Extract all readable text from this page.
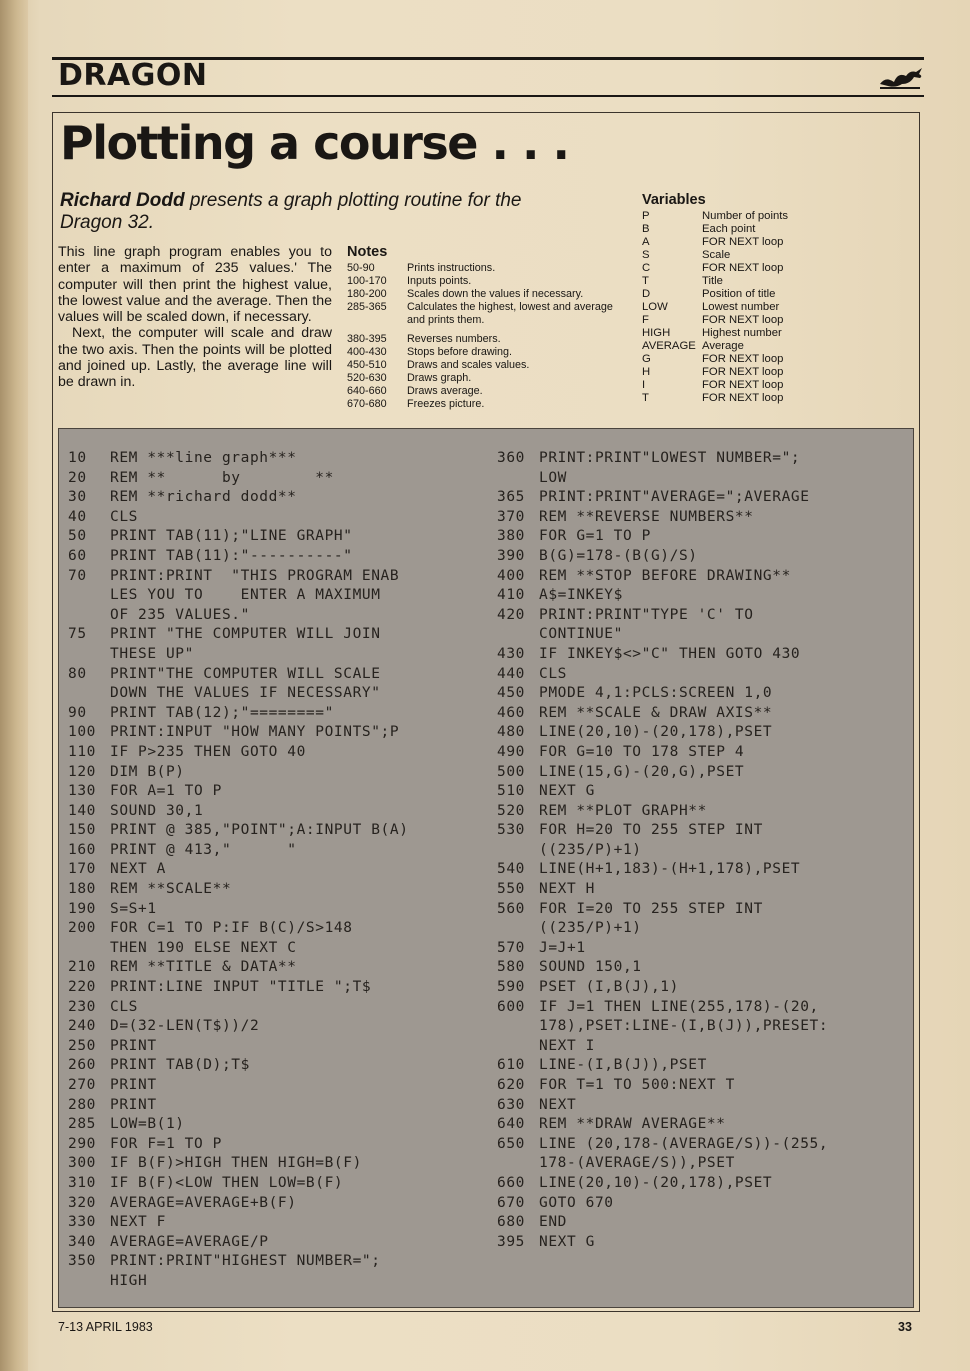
DRAGON
Plotting a course . . .
Richard Dodd presents a graph plotting routine for the Dragon 32.

This line graph program enables you to enter a maximum of 235 values.' The computer will then print the highest value, the lowest value and the average. Then the values will be scaled down, if necessary.

Next, the computer will scale and draw the two axis. Then the points will be plotted and joined up. Lastly, the average line will be drawn in.

Notes
50-90	Prints instructions.
100-170	Inputs points.
180-200	Scales down the values if necessary.
285-365	Calculates the highest, lowest and average and prints them.
380-395	Reverses numbers.
400-430	Stops before drawing.
450-510	Draws and scales values.
520-630	Draws graph.
640-660	Draws average.
670-680	Freezes picture.
Variables
P	Number of points
B	Each point
A	FOR NEXT loop
S	Scale
C	FOR NEXT loop
T	Title
D	Position of title
LOW	Lowest number
F	FOR NEXT loop
HIGH	Highest number
AVERAGE Average
G	FOR NEXT loop
H	FOR NEXT loop
I	FOR NEXT loop
T	FOR NEXT loop
10	REM ***line graph***
20	REM **      by        **
30	REM **richard dodd**
40	CLS
50	PRINT TAB(11);"LINE GRAPH"
60	PRINT TAB(11):"----------"
70	PRINT:PRINT  "THIS PROGRAM ENAB
LES YOU TO    ENTER A MAXIMUM
OF 235 VALUES."
75	PRINT "THE COMPUTER WILL JOIN
THESE UP"
80	PRINT"THE COMPUTER WILL SCALE
DOWN THE VALUES IF NECESSARY"
90	PRINT TAB(12);"========"
100 PRINT:INPUT "HOW MANY POINTS";P
110 IF P>235 THEN GOTO 40
120 DIM B(P)
130 FOR A=1 TO P
140 SOUND 30,1
150 PRINT @ 385,"POINT";A:INPUT B(A)
160 PRINT @ 413,"      "
170 NEXT A
180 REM **SCALE**
190 S=S+1
200 FOR C=1 TO P:IF B(C)/S>148
THEN 190 ELSE NEXT C
210 REM **TITLE & DATA**
220 PRINT:LINE INPUT "TITLE ";T$
230 CLS
240 D=(32-LEN(T$))/2
250 PRINT
260 PRINT TAB(D);T$
270 PRINT
280 PRINT
285 LOW=B(1)
290 FOR F=1 TO P
300 IF B(F)>HIGH THEN HIGH=B(F)
310 IF B(F)<LOW THEN LOW=B(F)
320 AVERAGE=AVERAGE+B(F)
330 NEXT F
340 AVERAGE=AVERAGE/P
350 PRINT:PRINT"HIGHEST NUMBER=";
HIGH
360 PRINT:PRINT"LOWEST NUMBER=";
LOW
365 PRINT:PRINT"AVERAGE=";AVERAGE
370 REM **REVERSE NUMBERS**
380 FOR G=1 TO P
390 B(G)=178-(B(G)/S)
400 REM **STOP BEFORE DRAWING**
410 A$=INKEY$
420 PRINT:PRINT"TYPE 'C' TO
CONTINUE"
430 IF INKEY$<>"C" THEN GOTO 430
440 CLS
450 PMODE 4,1:PCLS:SCREEN 1,0
460 REM **SCALE & DRAW AXIS**
480 LINE(20,10)-(20,178),PSET
490 FOR G=10 TO 178 STEP 4
500 LINE(15,G)-(20,G),PSET
510 NEXT G
520 REM **PLOT GRAPH**
530 FOR H=20 TO 255 STEP INT
((235/P)+1)
540 LINE(H+1,183)-(H+1,178),PSET
550 NEXT H
560 FOR I=20 TO 255 STEP INT
((235/P)+1)
570 J=J+1
580 SOUND 150,1
590 PSET (I,B(J),1)
600 IF J=1 THEN LINE(255,178)-(20,
178),PSET:LINE-(I,B(J)),PRESET:
NEXT I
610 LINE-(I,B(J)),PSET
620 FOR T=1 TO 500:NEXT T
630 NEXT
640 REM **DRAW AVERAGE**
650 LINE (20,178-(AVERAGE/S))-(255,
178-(AVERAGE/S)),PSET
660 LINE(20,10)-(20,178),PSET
670 GOTO 670
680 END
395 NEXT G
7-13 APRIL 1983	33
